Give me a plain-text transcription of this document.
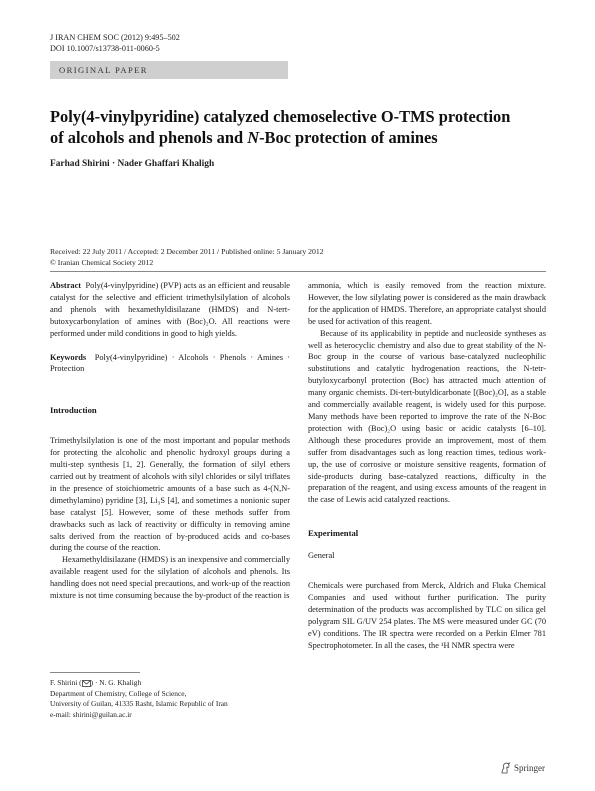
J IRAN CHEM SOC (2012) 9:495–502
DOI 10.1007/s13738-011-0060-5
ORIGINAL PAPER
Poly(4-vinylpyridine) catalyzed chemoselective O-TMS protection
of alcohols and phenols and N-Boc protection of amines
Farhad Shirini · Nader Ghaffari Khaligh
Received: 22 July 2011 / Accepted: 2 December 2011 / Published online: 5 January 2012
© Iranian Chemical Society 2012

Abstract Poly(4-vinylpyridine) (PVP) acts as an efficient and reusable catalyst for the selective and efficient trimethylsilylation of alcohols and phenols with hexamethyldisilazane (HMDS) and N-tert-butoxycarbonylation of amines with (Boc)₂O. All reactions were performed under mild conditions in good to high yields.

Keywords Poly(4-vinylpyridine) · Alcohols · Phenols · Amines · Protection

Introduction

Trimethylsilylation is one of the most important and popular methods for protecting the alcoholic and phenolic hydroxyl groups during a multi-step synthesis [1, 2]. Generally, the formation of silyl ethers carried out by treatment of alcohols with silyl chlorides or silyl triflates in the presence of stoichiometric amounts of a base such as 4-(N,N-dimethylamino) pyridine [3], Li₃S [4], and sometimes a nonionic super base catalyst [5]. However, some of these methods suffer from drawbacks such as lack of reactivity or difficulty in removing amine salts derived from the reaction of by-produced acids and co-bases during the course of the reaction.

Hexamethyldisilazane (HMDS) is an inexpensive and commercially available reagent used for the silylation of alcohols and phenols. Its handling does not need special precautions, and work-up of the reaction mixture is not time consuming because the by-product of the reaction is

ammonia, which is easily removed from the reaction mixture. However, the low silylating power is considered as the main drawback for the application of HMDS. Therefore, an appropriate catalyst should be used for activation of this reagent.

Because of its applicability in peptide and nucleoside syntheses as well as heterocyclic chemistry and also due to great stability of the N-Boc group in the course of various base-catalyzed nucleophilic substitutions and catalytic hydrogenation reactions, the N-tetr-butyloxycarbonyl protection (Boc) has attracted much attention of many organic chemists. Di-tert-butyldicarbonate [(Boc)₂O], as a stable and commercially available reagent, is widely used for this purpose. Many methods have been reported to improve the rate of the N-Boc protection with (Boc)₂O using basic or acidic catalysts [6–10]. Although these procedures provide an improvement, most of them suffer from disadvantages such as long reaction times, tedious work-up, the use of corrosive or moisture sensitive reagents, formation of side-products during base-catalyzed reactions, difficulty in the preparation of the reagent, and using excess amounts of the reagent in the case of Lewis acid catalyzed reactions.

Experimental

General

Chemicals were purchased from Merck, Aldrich and Fluka Chemical Companies and used without further purification. The purity determination of the products was accomplished by TLC on silica gel polygram SIL G/UV 254 plates. The MS were measured under GC (70 eV) conditions. The IR spectra were recorded on a Perkin Elmer 781 Spectrophotometer. In all the cases, the ¹H NMR spectra were

F. Shirini ( ) · N. G. Khaligh
Department of Chemistry, College of Science,
University of Guilan, 41335 Rasht, Islamic Republic of Iran
e-mail: shirini@guilan.ac.ir
Springer
